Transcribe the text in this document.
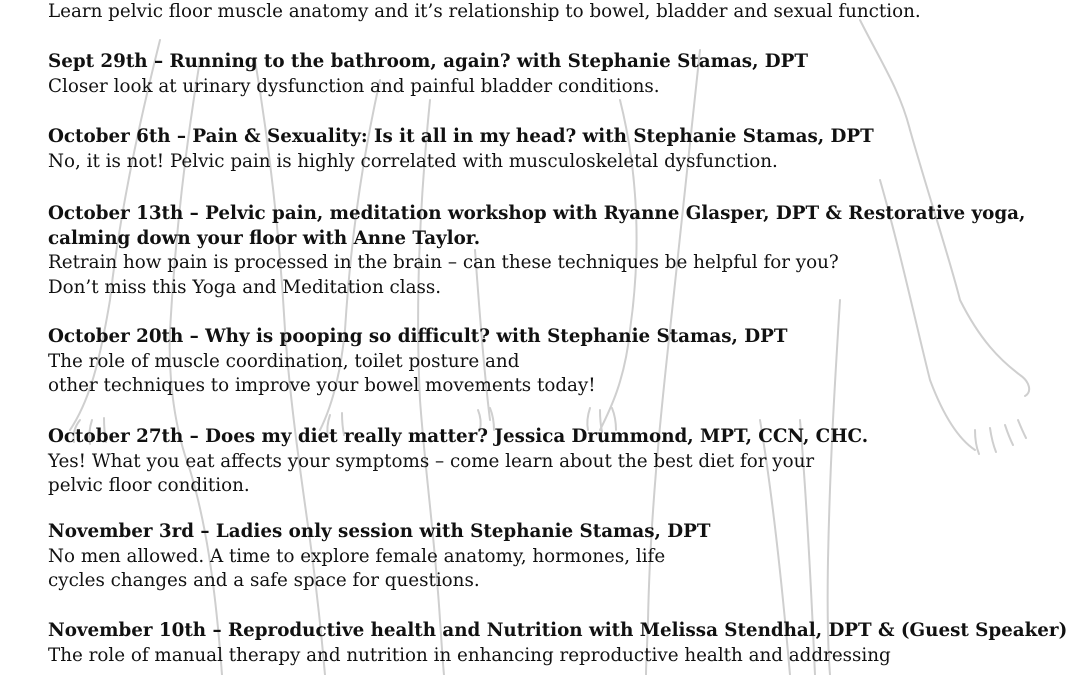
Learn pelvic floor muscle anatomy and it’s relationship to bowel, bladder and sexual function.
Sept 29th – Running to the bathroom, again? with Stephanie Stamas, DPT
Closer look at urinary dysfunction and painful bladder conditions.
October 6th – Pain & Sexuality: Is it all in my head? with Stephanie Stamas, DPT
No, it is not! Pelvic pain is highly correlated with musculoskeletal dysfunction.
October 13th – Pelvic pain, meditation workshop with Ryanne Glasper, DPT & Restorative yoga,
calming down your floor with Anne Taylor.
Retrain how pain is processed in the brain – can these techniques be helpful for you?
Don’t miss this Yoga and Meditation class.
October 20th – Why is pooping so difficult? with Stephanie Stamas, DPT
The role of muscle coordination, toilet posture and
other techniques to improve your bowel movements today!
October 27th – Does my diet really matter? Jessica Drummond, MPT, CCN, CHC.
Yes! What you eat affects your symptoms – come learn about the best diet for your
pelvic floor condition.
November 3rd – Ladies only session with Stephanie Stamas, DPT
No men allowed. A time to explore female anatomy, hormones, life
cycles changes and a safe space for questions.
November 10th – Reproductive health and Nutrition with Melissa Stendhal, DPT & (Guest Speaker)
The role of manual therapy and nutrition in enhancing reproductive health and addressing
